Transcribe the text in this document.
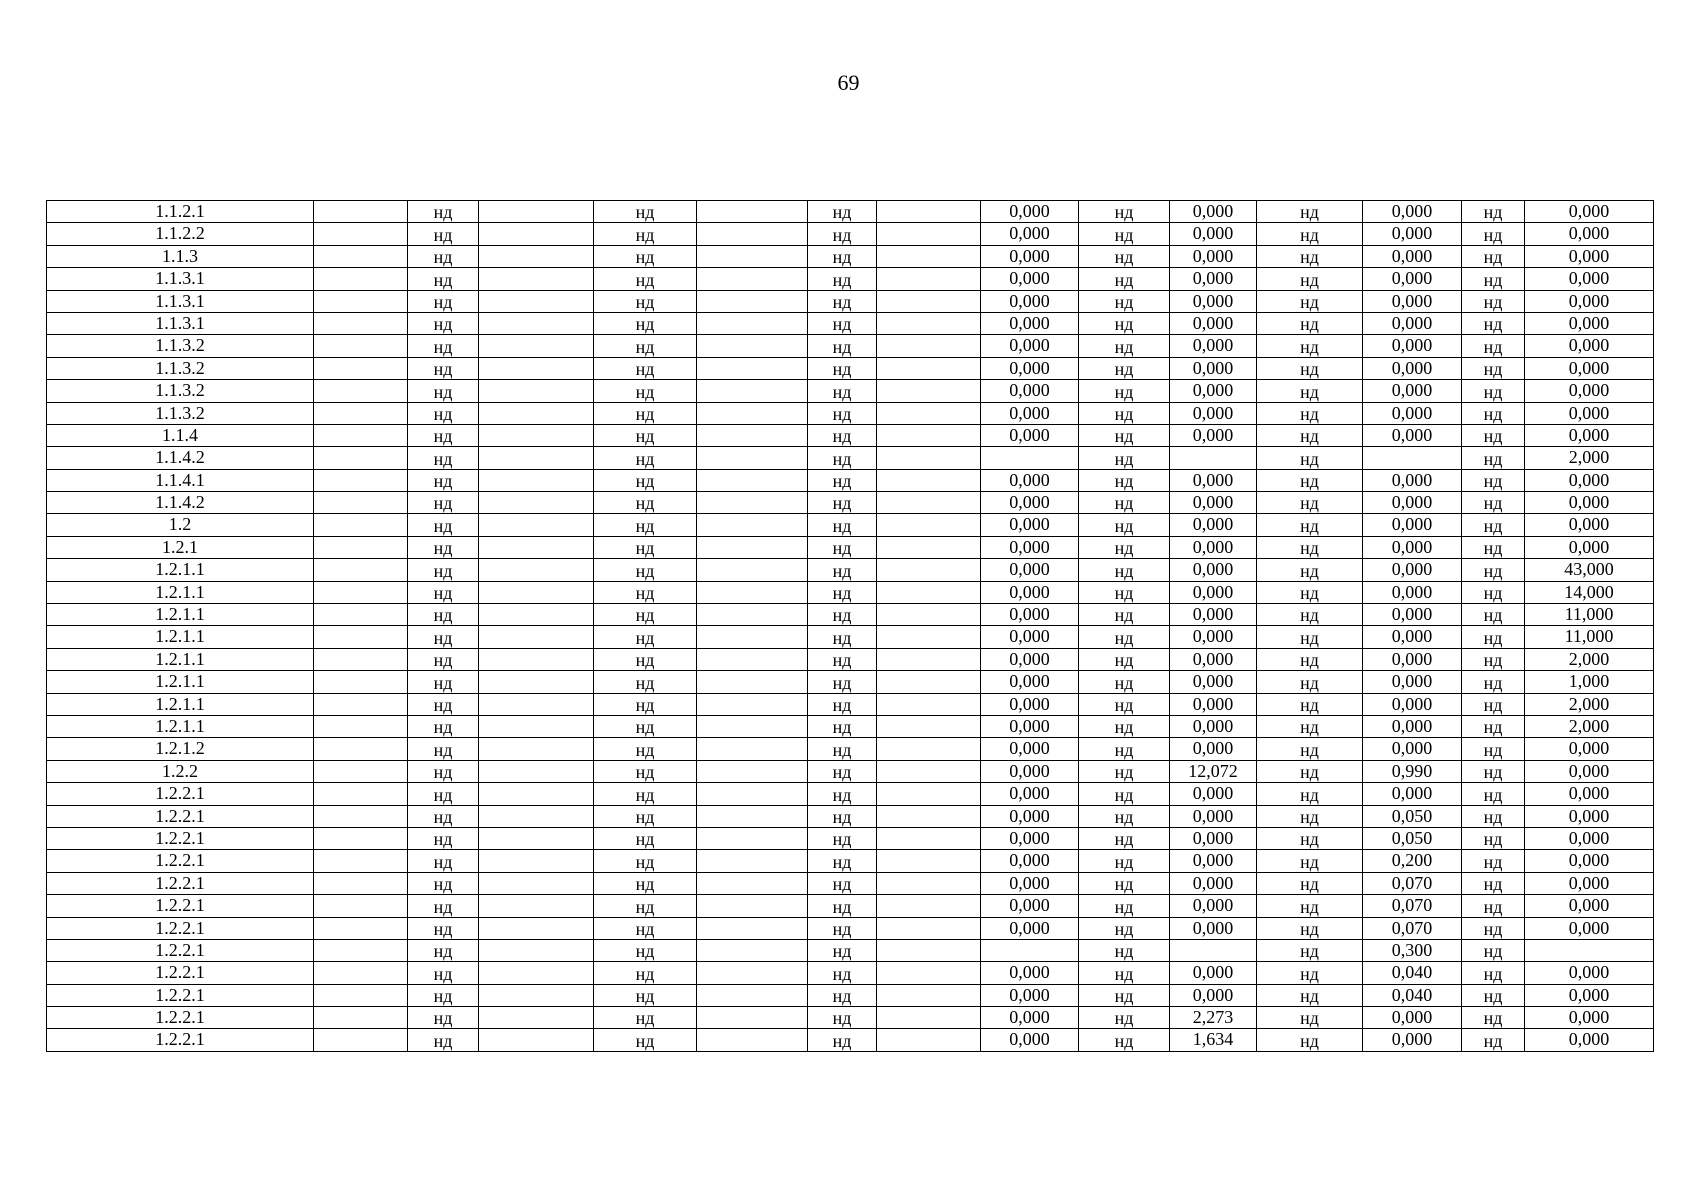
69
1.1.2.1		нд		нд		нд		0,000	нд	0,000	нд	0,000	нд	0,000
1.1.2.2		нд		нд		нд		0,000	нд	0,000	нд	0,000	нд	0,000
1.1.3		нд		нд		нд		0,000	нд	0,000	нд	0,000	нд	0,000
1.1.3.1		нд		нд		нд		0,000	нд	0,000	нд	0,000	нд	0,000
1.1.3.1		нд		нд		нд		0,000	нд	0,000	нд	0,000	нд	0,000
1.1.3.1		нд		нд		нд		0,000	нд	0,000	нд	0,000	нд	0,000
1.1.3.2		нд		нд		нд		0,000	нд	0,000	нд	0,000	нд	0,000
1.1.3.2		нд		нд		нд		0,000	нд	0,000	нд	0,000	нд	0,000
1.1.3.2		нд		нд		нд		0,000	нд	0,000	нд	0,000	нд	0,000
1.1.3.2		нд		нд		нд		0,000	нд	0,000	нд	0,000	нд	0,000
1.1.4		нд		нд		нд		0,000	нд	0,000	нд	0,000	нд	0,000
1.1.4.2		нд		нд		нд			нд		нд		нд	2,000
1.1.4.1		нд		нд		нд		0,000	нд	0,000	нд	0,000	нд	0,000
1.1.4.2		нд		нд		нд		0,000	нд	0,000	нд	0,000	нд	0,000
1.2		нд		нд		нд		0,000	нд	0,000	нд	0,000	нд	0,000
1.2.1		нд		нд		нд		0,000	нд	0,000	нд	0,000	нд	0,000
1.2.1.1		нд		нд		нд		0,000	нд	0,000	нд	0,000	нд	43,000
1.2.1.1		нд		нд		нд		0,000	нд	0,000	нд	0,000	нд	14,000
1.2.1.1		нд		нд		нд		0,000	нд	0,000	нд	0,000	нд	11,000
1.2.1.1		нд		нд		нд		0,000	нд	0,000	нд	0,000	нд	11,000
1.2.1.1		нд		нд		нд		0,000	нд	0,000	нд	0,000	нд	2,000
1.2.1.1		нд		нд		нд		0,000	нд	0,000	нд	0,000	нд	1,000
1.2.1.1		нд		нд		нд		0,000	нд	0,000	нд	0,000	нд	2,000
1.2.1.1		нд		нд		нд		0,000	нд	0,000	нд	0,000	нд	2,000
1.2.1.2		нд		нд		нд		0,000	нд	0,000	нд	0,000	нд	0,000
1.2.2		нд		нд		нд		0,000	нд	12,072	нд	0,990	нд	0,000
1.2.2.1		нд		нд		нд		0,000	нд	0,000	нд	0,000	нд	0,000
1.2.2.1		нд		нд		нд		0,000	нд	0,000	нд	0,050	нд	0,000
1.2.2.1		нд		нд		нд		0,000	нд	0,000	нд	0,050	нд	0,000
1.2.2.1		нд		нд		нд		0,000	нд	0,000	нд	0,200	нд	0,000
1.2.2.1		нд		нд		нд		0,000	нд	0,000	нд	0,070	нд	0,000
1.2.2.1		нд		нд		нд		0,000	нд	0,000	нд	0,070	нд	0,000
1.2.2.1		нд		нд		нд		0,000	нд	0,000	нд	0,070	нд	0,000
1.2.2.1		нд		нд		нд			нд		нд	0,300	нд	
1.2.2.1		нд		нд		нд		0,000	нд	0,000	нд	0,040	нд	0,000
1.2.2.1		нд		нд		нд		0,000	нд	0,000	нд	0,040	нд	0,000
1.2.2.1		нд		нд		нд		0,000	нд	2,273	нд	0,000	нд	0,000
1.2.2.1		нд		нд		нд		0,000	нд	1,634	нд	0,000	нд	0,000
